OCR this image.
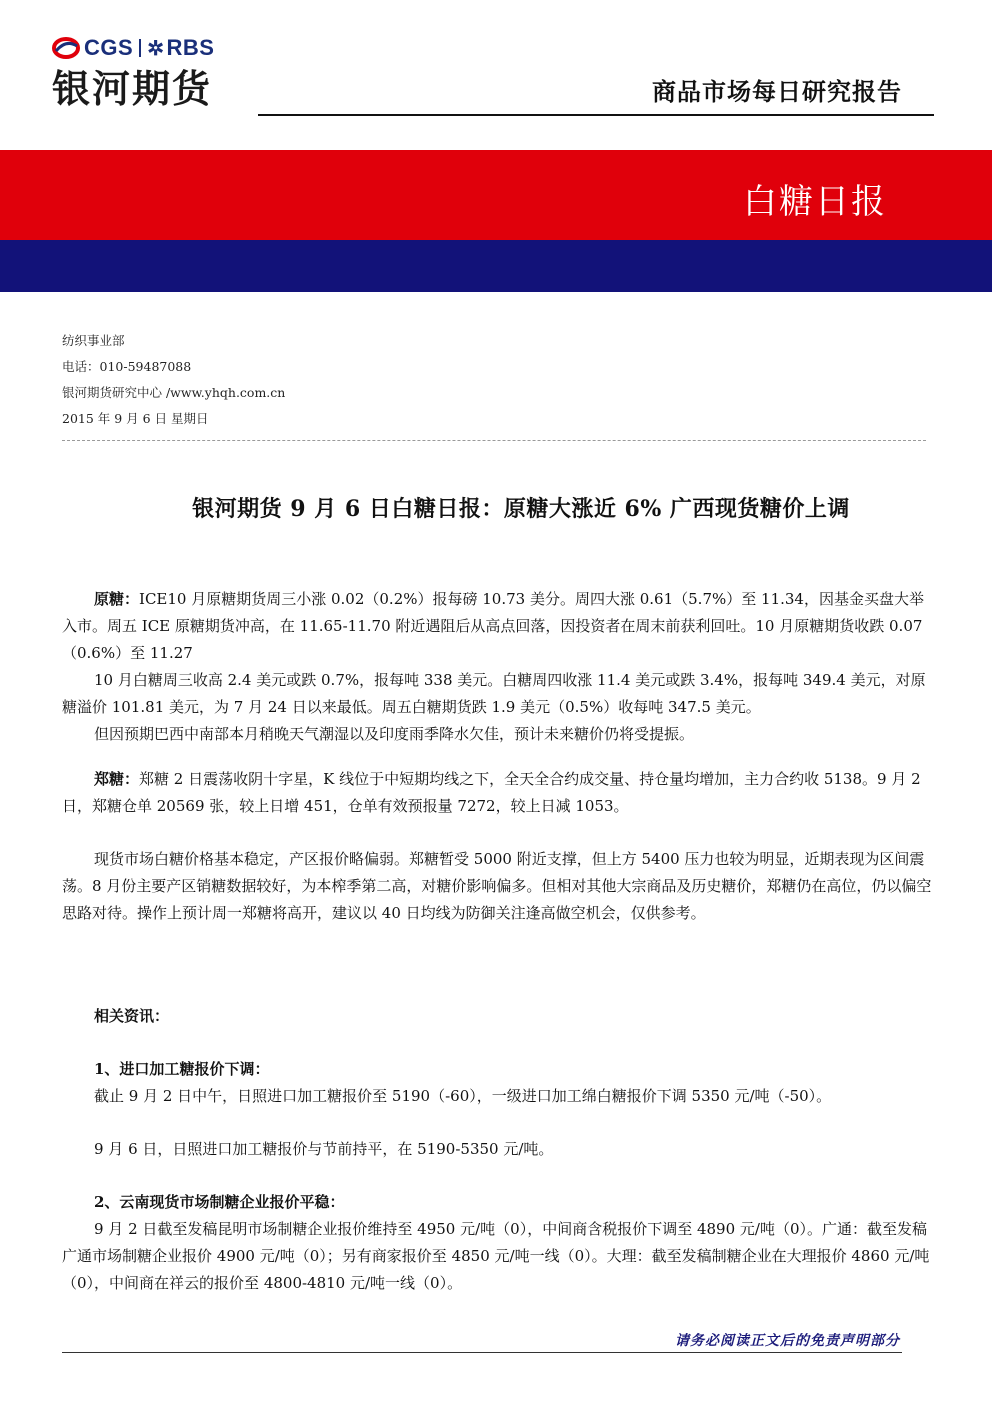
CGS ✲RBS
银河期货	商品市场每日研究报告
白糖日报
纺织事业部
电话：010-59487088
银河期货研究中心 /www.yhqh.com.cn
2015 年 9 月 6 日 星期日
银河期货 9 月 6 日白糖日报：原糖大涨近 6% 广西现货糖价上调

原糖：ICE10 月原糖期货周三小涨 0.02（0.2%）报每磅 10.73 美分。周四大涨 0.61（5.7%）至 11.34，因基金买盘大举入市。周五 ICE 原糖期货冲高，在 11.65-11.70 附近遇阻后从高点回落，因投资者在周末前获利回吐。10 月原糖期货收跌 0.07（0.6%）至 11.27

10 月白糖周三收高 2.4 美元或跌 0.7%，报每吨 338 美元。白糖周四收涨 11.4 美元或跌 3.4%，报每吨 349.4 美元，对原糖溢价 101.81 美元，为 7 月 24 日以来最低。周五白糖期货跌 1.9 美元（0.5%）收每吨 347.5 美元。

但因预期巴西中南部本月稍晚天气潮湿以及印度雨季降水欠佳，预计未来糖价仍将受提振。

郑糖：郑糖 2 日震荡收阴十字星，K 线位于中短期均线之下，全天全合约成交量、持仓量均增加，主力合约收 5138。9 月 2 日，郑糖仓单 20569 张，较上日增 451，仓单有效预报量 7272，较上日减 1053。

现货市场白糖价格基本稳定，产区报价略偏弱。郑糖暂受 5000 附近支撑，但上方 5400 压力也较为明显，近期表现为区间震荡。8 月份主要产区销糖数据较好，为本榨季第二高，对糖价影响偏多。但相对其他大宗商品及历史糖价，郑糖仍在高位，仍以偏空思路对待。操作上预计周一郑糖将高开，建议以 40 日均线为防御关注逢高做空机会，仅供参考。

相关资讯：

1、进口加工糖报价下调：

截止 9 月 2 日中午，日照进口加工糖报价至 5190（-60），一级进口加工绵白糖报价下调 5350 元/吨（-50）。

9 月 6 日，日照进口加工糖报价与节前持平，在 5190-5350 元/吨。

2、云南现货市场制糖企业报价平稳：

9 月 2 日截至发稿昆明市场制糖企业报价维持至 4950 元/吨（0），中间商含税报价下调至 4890 元/吨（0）。广通：截至发稿广通市场制糖企业报价 4900 元/吨（0）；另有商家报价至 4850 元/吨一线（0）。大理：截至发稿制糖企业在大理报价 4860 元/吨（0），中间商在祥云的报价至 4800-4810 元/吨一线（0）。

请务必阅读正文后的免责声明部分
